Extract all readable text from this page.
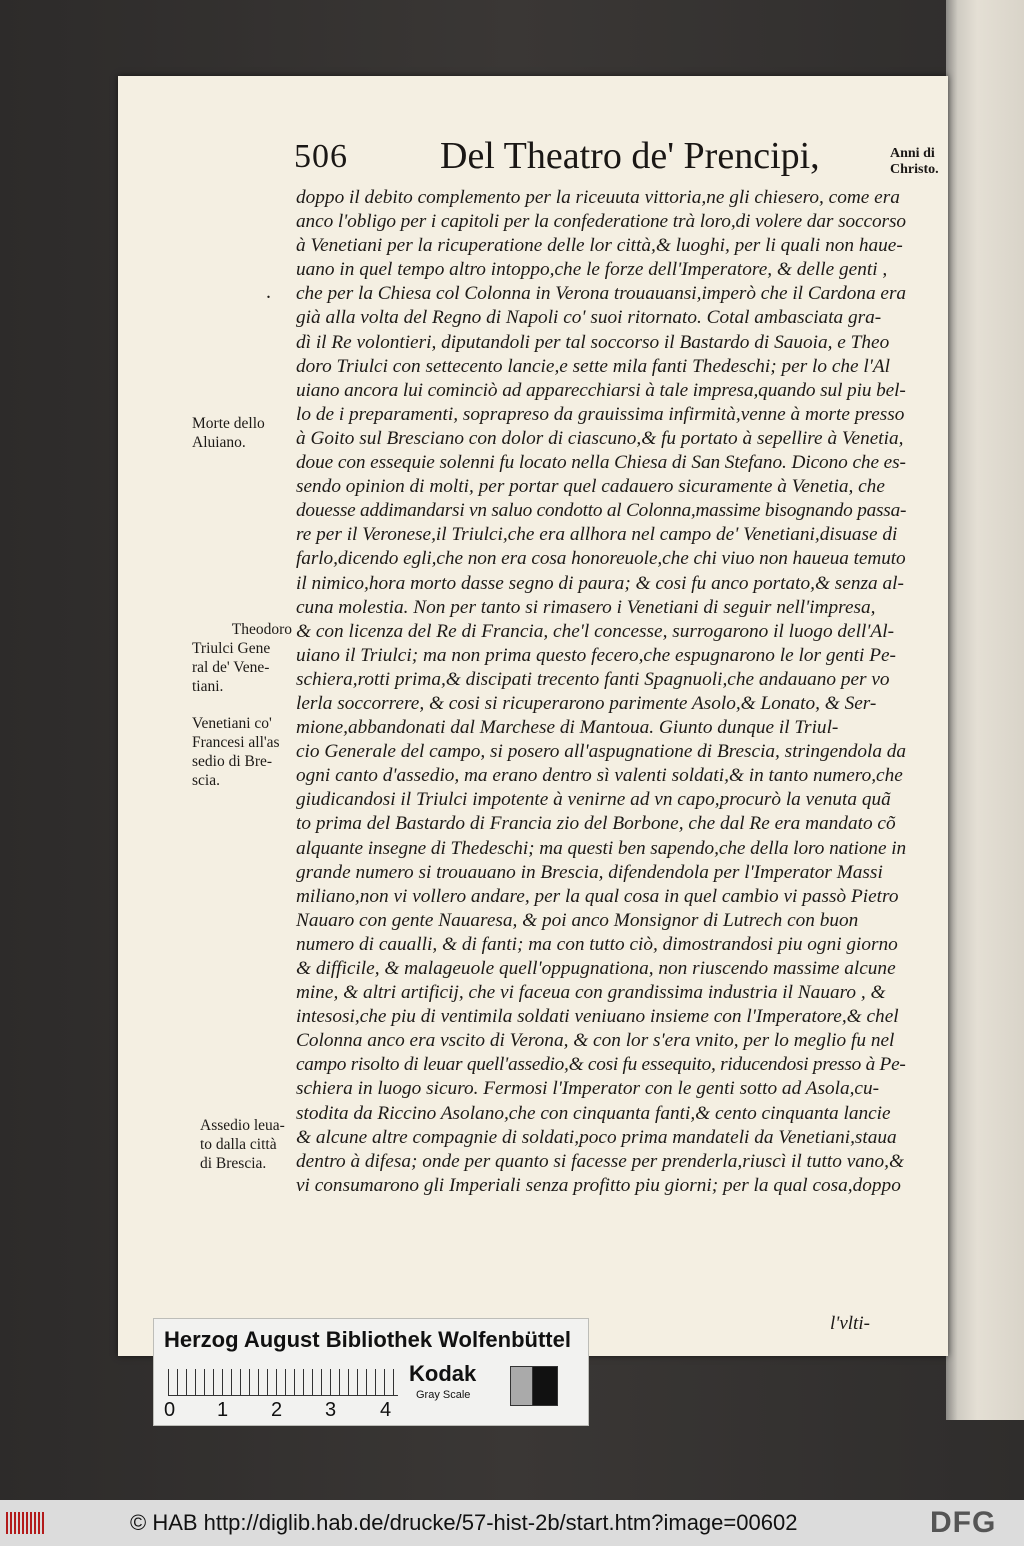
506 Del Theatro de' Prencipi,	Anni di
Christo.
.
doppo il debito complemento per la riceuuta vittoria,ne gli chiesero, come era
anco l'obligo per i capitoli per la confederatione trà loro,di volere dar soccorso
à Venetiani per la ricuperatione delle lor città,& luoghi, per li quali non haue-
uano in quel tempo altro intoppo,che le forze dell'Imperatore, & delle genti ,
che per la Chiesa col Colonna in Verona trouauansi,imperò che il Cardona era
già alla volta del Regno di Napoli co' suoi ritornato. Cotal ambasciata gra-
dì il Re volontieri, diputandoli per tal soccorso il Bastardo di Sauoia, e Theo
doro Triulci con settecento lancie,e sette mila fanti Thedeschi; per lo che l'Al
uiano ancora lui cominciò ad apparecchiarsi à tale impresa,quando sul piu bel-
lo de i preparamenti, soprapreso da grauissima infirmità,venne à morte presso
à Goito sul Bresciano con dolor di ciascuno,& fu portato à sepellire à Venetia,
doue con essequie solenni fu locato nella Chiesa di San Stefano. Dicono che es-
sendo opinion di molti, per portar quel cadauero sicuramente à Venetia, che
douesse addimandarsi vn saluo condotto al Colonna,massime bisognando passa-
re per il Veronese,il Triulci,che era allhora nel campo de' Venetiani,disuase di
farlo,dicendo egli,che non era cosa honoreuole,che chi viuo non haueua temuto
il nimico,hora morto dasse segno di paura; & cosi fu anco portato,& senza al-
cuna molestia. Non per tanto si rimasero i Venetiani di seguir nell'impresa,
& con licenza del Re di Francia, che'l concesse, surrogarono il luogo dell'Al-
uiano il Triulci; ma non prima questo fecero,che espugnarono le lor genti Pe-
schiera,rotti prima,& discipati trecento fanti Spagnuoli,che andauano per vo
lerla soccorrere, & cosi si ricuperarono parimente Asolo,& Lonato, & Ser-
mione,abbandonati dal Marchese di Mantoua. Giunto dunque il Triul-
cio Generale del campo, si posero all'aspugnatione di Brescia, stringendola da
ogni canto d'assedio, ma erano dentro sì valenti soldati,& in tanto numero,che
giudicandosi il Triulci impotente à venirne ad vn capo,procurò la venuta quã
to prima del Bastardo di Francia zio del Borbone, che dal Re era mandato cõ
alquante insegne di Thedeschi; ma questi ben sapendo,che della loro natione in
grande numero si trouauano in Brescia, difendendola per l'Imperator Massi
miliano,non vi vollero andare, per la qual cosa in quel cambio vi passò Pietro
Nauaro con gente Nauaresa, & poi anco Monsignor di Lutrech con buon
numero di caualli, & di fanti; ma con tutto ciò, dimostrandosi piu ogni giorno
& difficile, & malageuole quell'oppugnationa, non riuscendo massime alcune
mine, & altri artificij, che vi faceua con grandissima industria il Nauaro , &
intesosi,che piu di ventimila soldati veniuano insieme con l'Imperatore,& chel
Colonna anco era vscito di Verona, & con lor s'era vnito, per lo meglio fu nel
campo risolto di leuar quell'assedio,& cosi fu essequito, riducendosi presso à Pe-
schiera in luogo sicuro. Fermosi l'Imperator con le genti sotto ad Asola,cu-
stodita da Riccino Asolano,che con cinquanta fanti,& cento cinquanta lancie
& alcune altre compagnie di soldati,poco prima mandateli da Venetiani,staua
dentro à difesa; onde per quanto si facesse per prenderla,riuscì il tutto vano,&
vi consumarono gli Imperiali senza profitto piu giorni; per la qual cosa,doppo
Morte dello
Aluiano.
Theodoro
Triulci Gene
ral de' Vene-
tiani.
Venetiani co'
Francesi all'as
sedio di Bre-
scia.
Assedio leua-
to dalla città
di Brescia.
l'vlti-
Herzog August Bibliothek Wolfenbüttel
0 1 2 3 4
Kodak
Gray Scale
© HAB http://diglib.hab.de/drucke/57-hist-2b/start.htm?image=00602	DFG
